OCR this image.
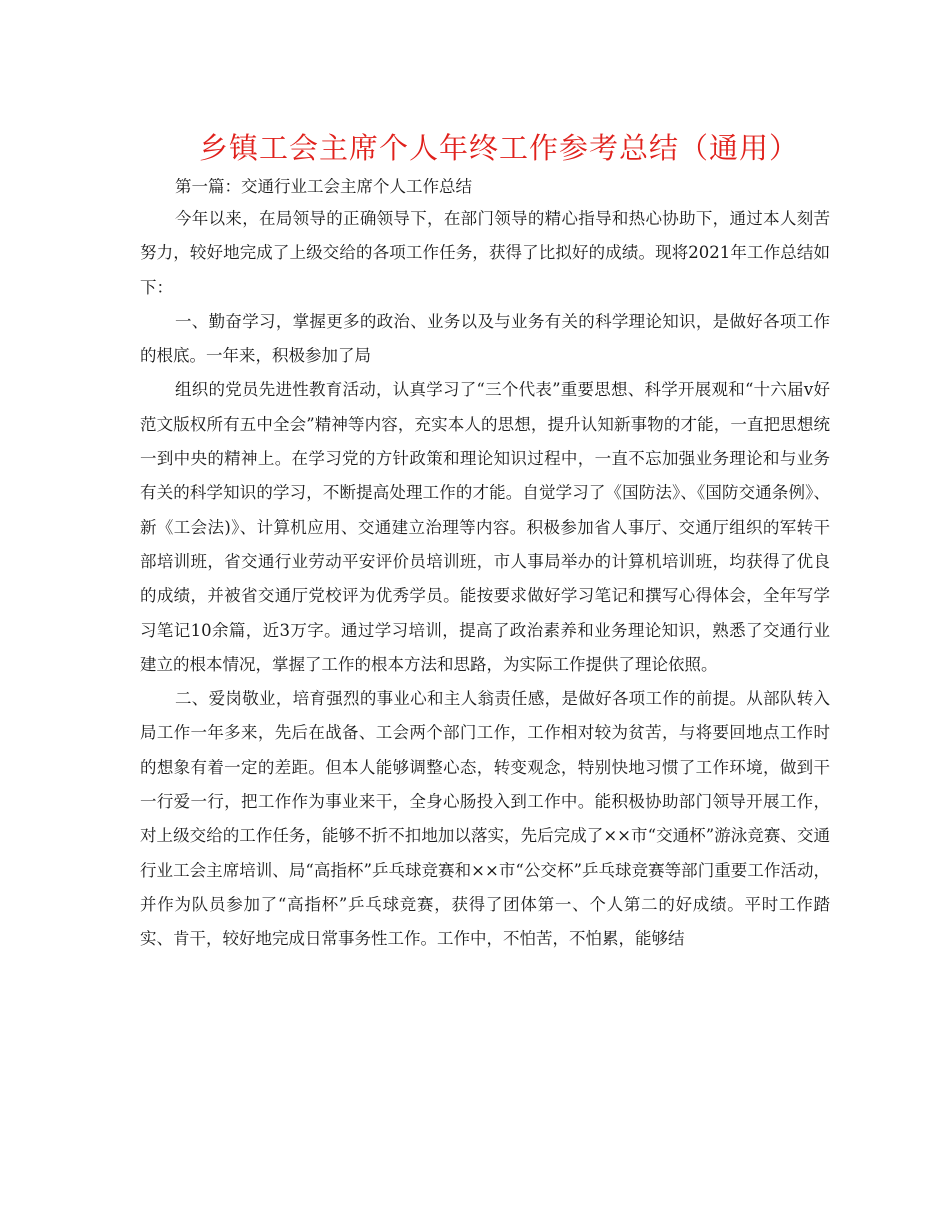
乡镇工会主席个人年终工作参考总结（通用）

第一篇：交通行业工会主席个人工作总结

今年以来，在局领导的正确领导下，在部门领导的精心指导和热心协助下，通过本人刻苦努力，较好地完成了上级交给的各项工作任务，获得了比拟好的成绩。现将2021年工作总结如下：

一、勤奋学习，掌握更多的政治、业务以及与业务有关的科学理论知识，是做好各项工作的根底。一年来，积极参加了局

组织的党员先进性教育活动，认真学习了“三个代表”重要思想、科学开展观和“十六届v好范文版权所有五中全会”精神等内容，充实本人的思想，提升认知新事物的才能，一直把思想统一到中央的精神上。在学习党的方针政策和理论知识过程中，一直不忘加强业务理论和与业务有关的科学知识的学习，不断提高处理工作的才能。自觉学习了《国防法》、《国防交通条例》、新《工会法)》、计算机应用、交通建立治理等内容。积极参加省人事厅、交通厅组织的军转干部培训班，省交通行业劳动平安评价员培训班，市人事局举办的计算机培训班，均获得了优良的成绩，并被省交通厅党校评为优秀学员。能按要求做好学习笔记和撰写心得体会，全年写学习笔记10余篇，近3万字。通过学习培训，提高了政治素养和业务理论知识，熟悉了交通行业建立的根本情况，掌握了工作的根本方法和思路，为实际工作提供了理论依照。

二、爱岗敬业，培育强烈的事业心和主人翁责任感，是做好各项工作的前提。从部队转入局工作一年多来，先后在战备、工会两个部门工作，工作相对较为贫苦，与将要回地点工作时的想象有着一定的差距。但本人能够调整心态，转变观念，特别快地习惯了工作环境，做到干一行爱一行，把工作作为事业来干，全身心肠投入到工作中。能积极协助部门领导开展工作，对上级交给的工作任务，能够不折不扣地加以落实，先后完成了××市“交通杯”游泳竞赛、交通行业工会主席培训、局“高指杯”乒乓球竞赛和××市“公交杯”乒乓球竞赛等部门重要工作活动，并作为队员参加了“高指杯”乒乓球竞赛，获得了团体第一、个人第二的好成绩。平时工作踏实、肯干，较好地完成日常事务性工作。工作中，不怕苦，不怕累，能够结
